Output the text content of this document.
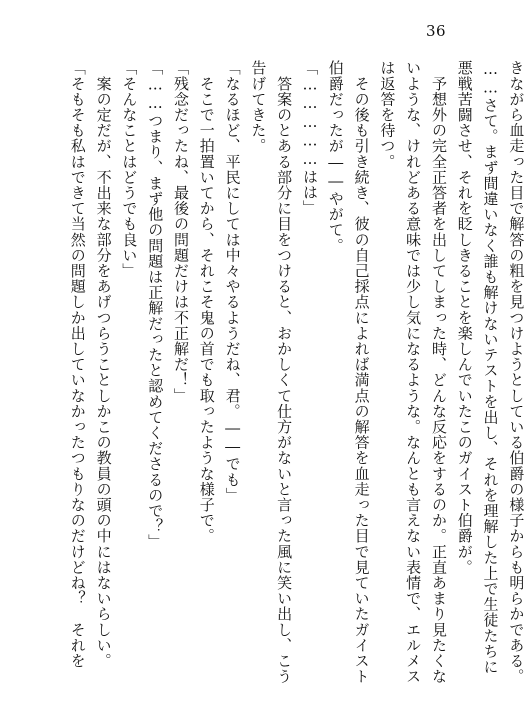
36
きながら血走った目で解答の粗を見つけようとしている伯爵の様子からも明らかである。
……さて。まず間違いなく誰も解けないテストを出し、それを理解した上で生徒たちに
悪戦苦闘させ、それを眨しきることを楽しんでいたこのガイスト伯爵が。
　予想外の完全正答者を出してしまった時、どんな反応をするのか。正直あまり見たくな
いような、けれどある意味では少し気になるような。なんとも言えない表情で、エルメス
は返答を待つ。
　その後も引き続き、彼の自己採点によれば満点の解答を血走った目で見ていたガイスト
伯爵だったが――やがて。
「……………はは」
　答案のとある部分に目をつけると、おかしくて仕方がないと言った風に笑い出し、こう
告げてきた。
「なるほど、平民にしては中々やるようだね、君。――でも」
　そこで一拍置いてから、それこそ鬼の首でも取ったような様子で。
「残念だったね、最後の問題だけは不正解だ！」
「……つまり、まず他の問題は正解だったと認めてくださるので？」
「そんなことはどうでも良い」
　案の定だが、不出来な部分をあげつらうことしかこの教員の頭の中にはないらしい。
「そもそも私はできて当然の問題しか出していなかったつもりなのだけどね？　それを
